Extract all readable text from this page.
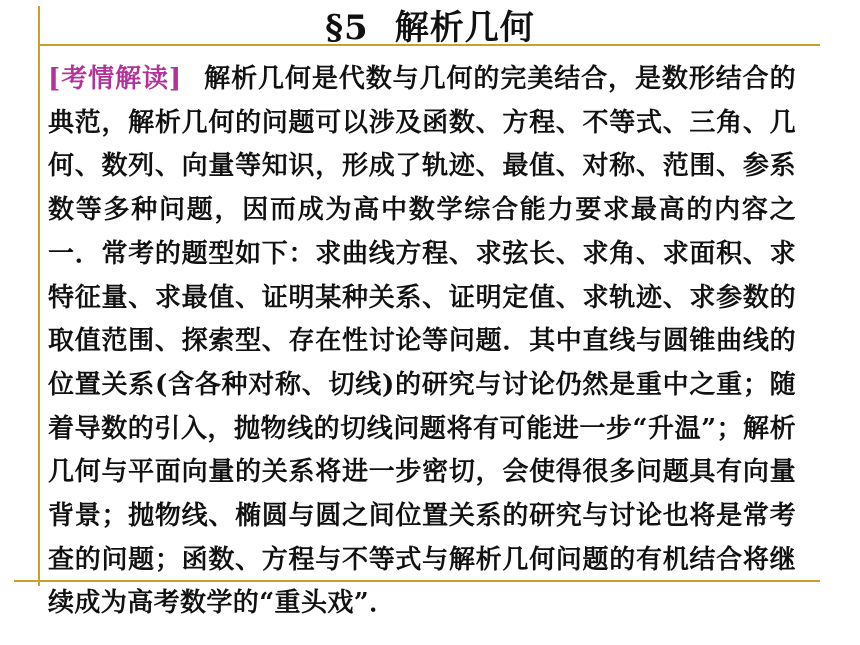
§5 解析几何
[考情解读] 解析几何是代数与几何的完美结合，是数形结合的典范，解析几何的问题可以涉及函数、方程、不等式、三角、几何、数列、向量等知识，形成了轨迹、最值、对称、范围、参系数等多种问题，因而成为高中数学综合能力要求最高的内容之一．常考的题型如下：求曲线方程、求弦长、求角、求面积、求特征量、求最值、证明某种关系、证明定值、求轨迹、求参数的取值范围、探索型、存在性讨论等问题．其中直线与圆锥曲线的位置关系(含各种对称、切线)的研究与讨论仍然是重中之重；随着导数的引入，抛物线的切线问题将有可能进一步“升温”；解析几何与平面向量的关系将进一步密切，会使得很多问题具有向量背景；抛物线、椭圆与圆之间位置关系的研究与讨论也将是常考查的问题；函数、方程与不等式与解析几何问题的有机结合将继续成为高考数学的“重头戏”．
